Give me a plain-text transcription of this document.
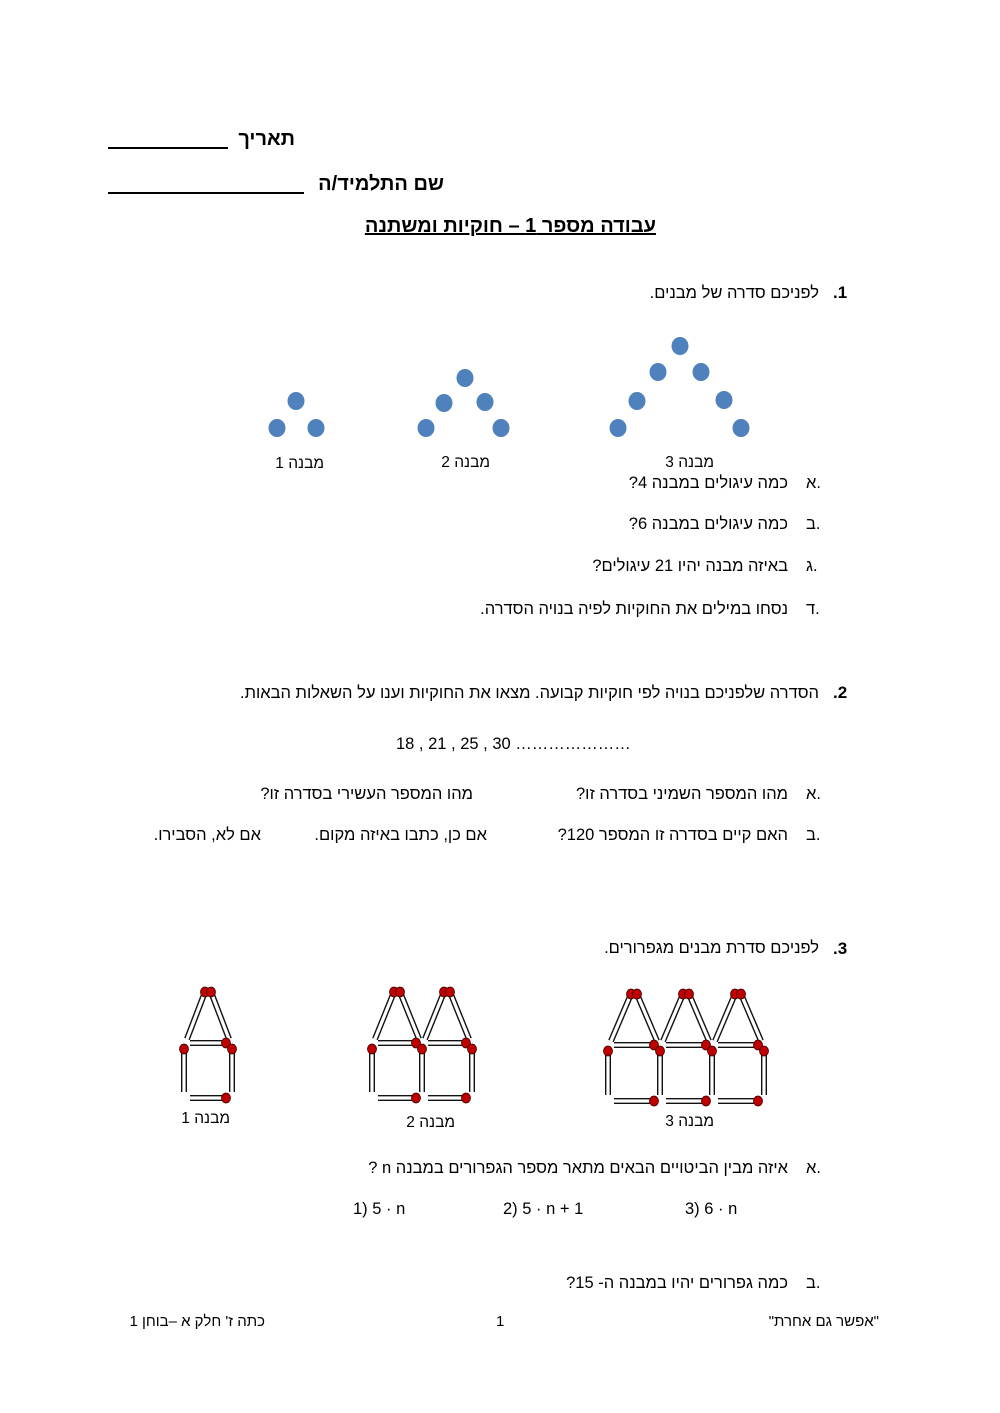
תאריך
שם התלמיד/ה
עבודה מספר 1 – חוקיות ומשתנה
.1
לפניכם סדרה של מבנים.
מבנה 1	מבנה 2	מבנה 3
א.
כמה עיגולים במבנה 4?
ב.
כמה עיגולים במבנה 6?
ג.
באיזה מבנה יהיו 21 עיגולים?
ד.
נסחו במילים את החוקיות לפיה בנויה הסדרה.
.2
הסדרה שלפניכם בנויה לפי חוקיות קבועה. מצאו את החוקיות וענו על השאלות הבאות.
18 , 21 , 25 , 30 …………………
א.
מהו המספר השמיני בסדרה זו?
מהו המספר העשירי בסדרה זו?
ב.
האם קיים בסדרה זו המספר 120?
אם כן, כתבו באיזה מקום.
אם לא, הסבירו.
.3
לפניכם סדרת מבנים מגפרורים.
מבנה 1	מבנה 2	מבנה 3
א.
איזה מבין הביטויים הבאים מתאר מספר הגפרורים במבנה n ?
1) 5 · n	2) 5 · n + 1	3) 6 · n
ב.
כמה גפרורים יהיו במבנה ה- 15?
כתה ז' חלק א –בוחן 1	1	"אפשר גם אחרת"
